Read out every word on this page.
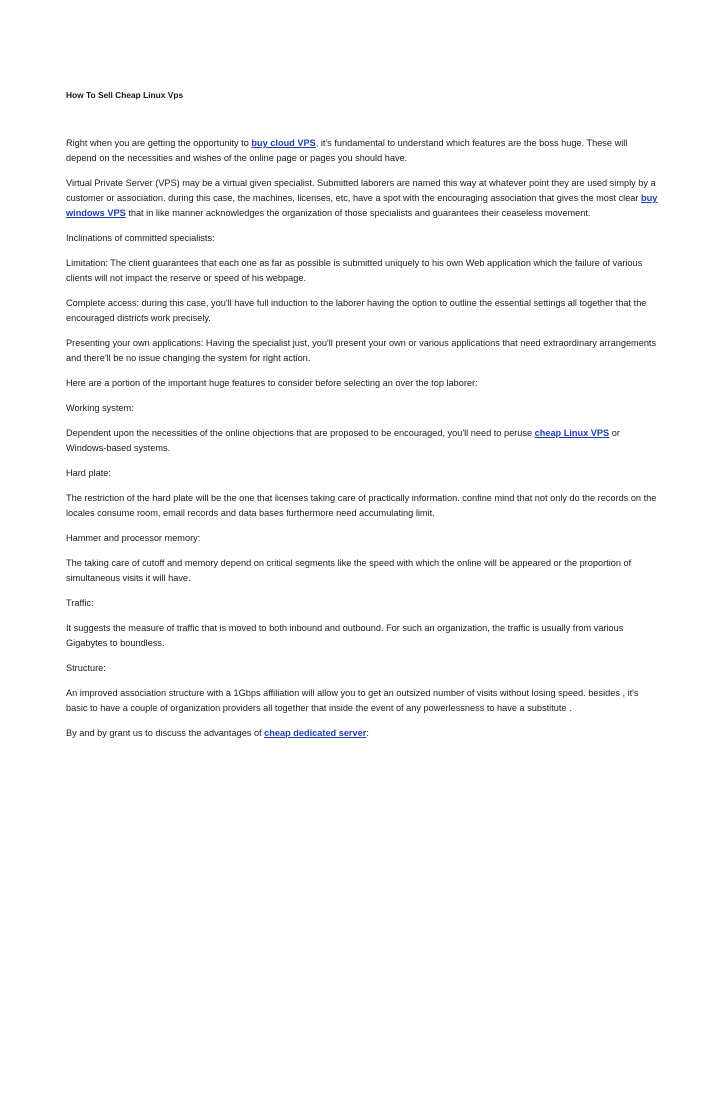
How To Sell Cheap Linux Vps

Right when you are getting the opportunity to buy cloud VPS, it's fundamental to understand which features are the boss huge. These will depend on the necessities and wishes of the online page or pages you should have.

Virtual Private Server (VPS) may be a virtual given specialist. Submitted laborers are named this way at whatever point they are used simply by a customer or association. during this case, the machines, licenses, etc, have a spot with the encouraging association that gives the most clear buy windows VPS that in like manner acknowledges the organization of those specialists and guarantees their ceaseless movement.

Inclinations of committed specialists:

Limitation: The client guarantees that each one as far as possible is submitted uniquely to his own Web application which the failure of various clients will not impact the reserve or speed of his webpage.

Complete access: during this case, you'll have full induction to the laborer having the option to outline the essential settings all together that the encouraged districts work precisely.

Presenting your own applications: Having the specialist just, you'll present your own or various applications that need extraordinary arrangements and there'll be no issue changing the system for right action.

Here are a portion of the important huge features to consider before selecting an over the top laborer:

Working system:

Dependent upon the necessities of the online objections that are proposed to be encouraged, you'll need to peruse cheap Linux VPS or Windows-based systems.

Hard plate:

The restriction of the hard plate will be the one that licenses taking care of practically information. confine mind that not only do the records on the locales consume room, email records and data bases furthermore need accumulating limit.

Hammer and processor memory:

The taking care of cutoff and memory depend on critical segments like the speed with which the online will be appeared or the proportion of simultaneous visits it will have.

Traffic:

It suggests the measure of traffic that is moved to both inbound and outbound. For such an organization, the traffic is usually from various Gigabytes to boundless.

Structure:

An improved association structure with a 1Gbps affiliation will allow you to get an outsized number of visits without losing speed. besides , it's basic to have a couple of organization providers all together that inside the event of any powerlessness to have a substitute .

By and by grant us to discuss the advantages of cheap dedicated server:
